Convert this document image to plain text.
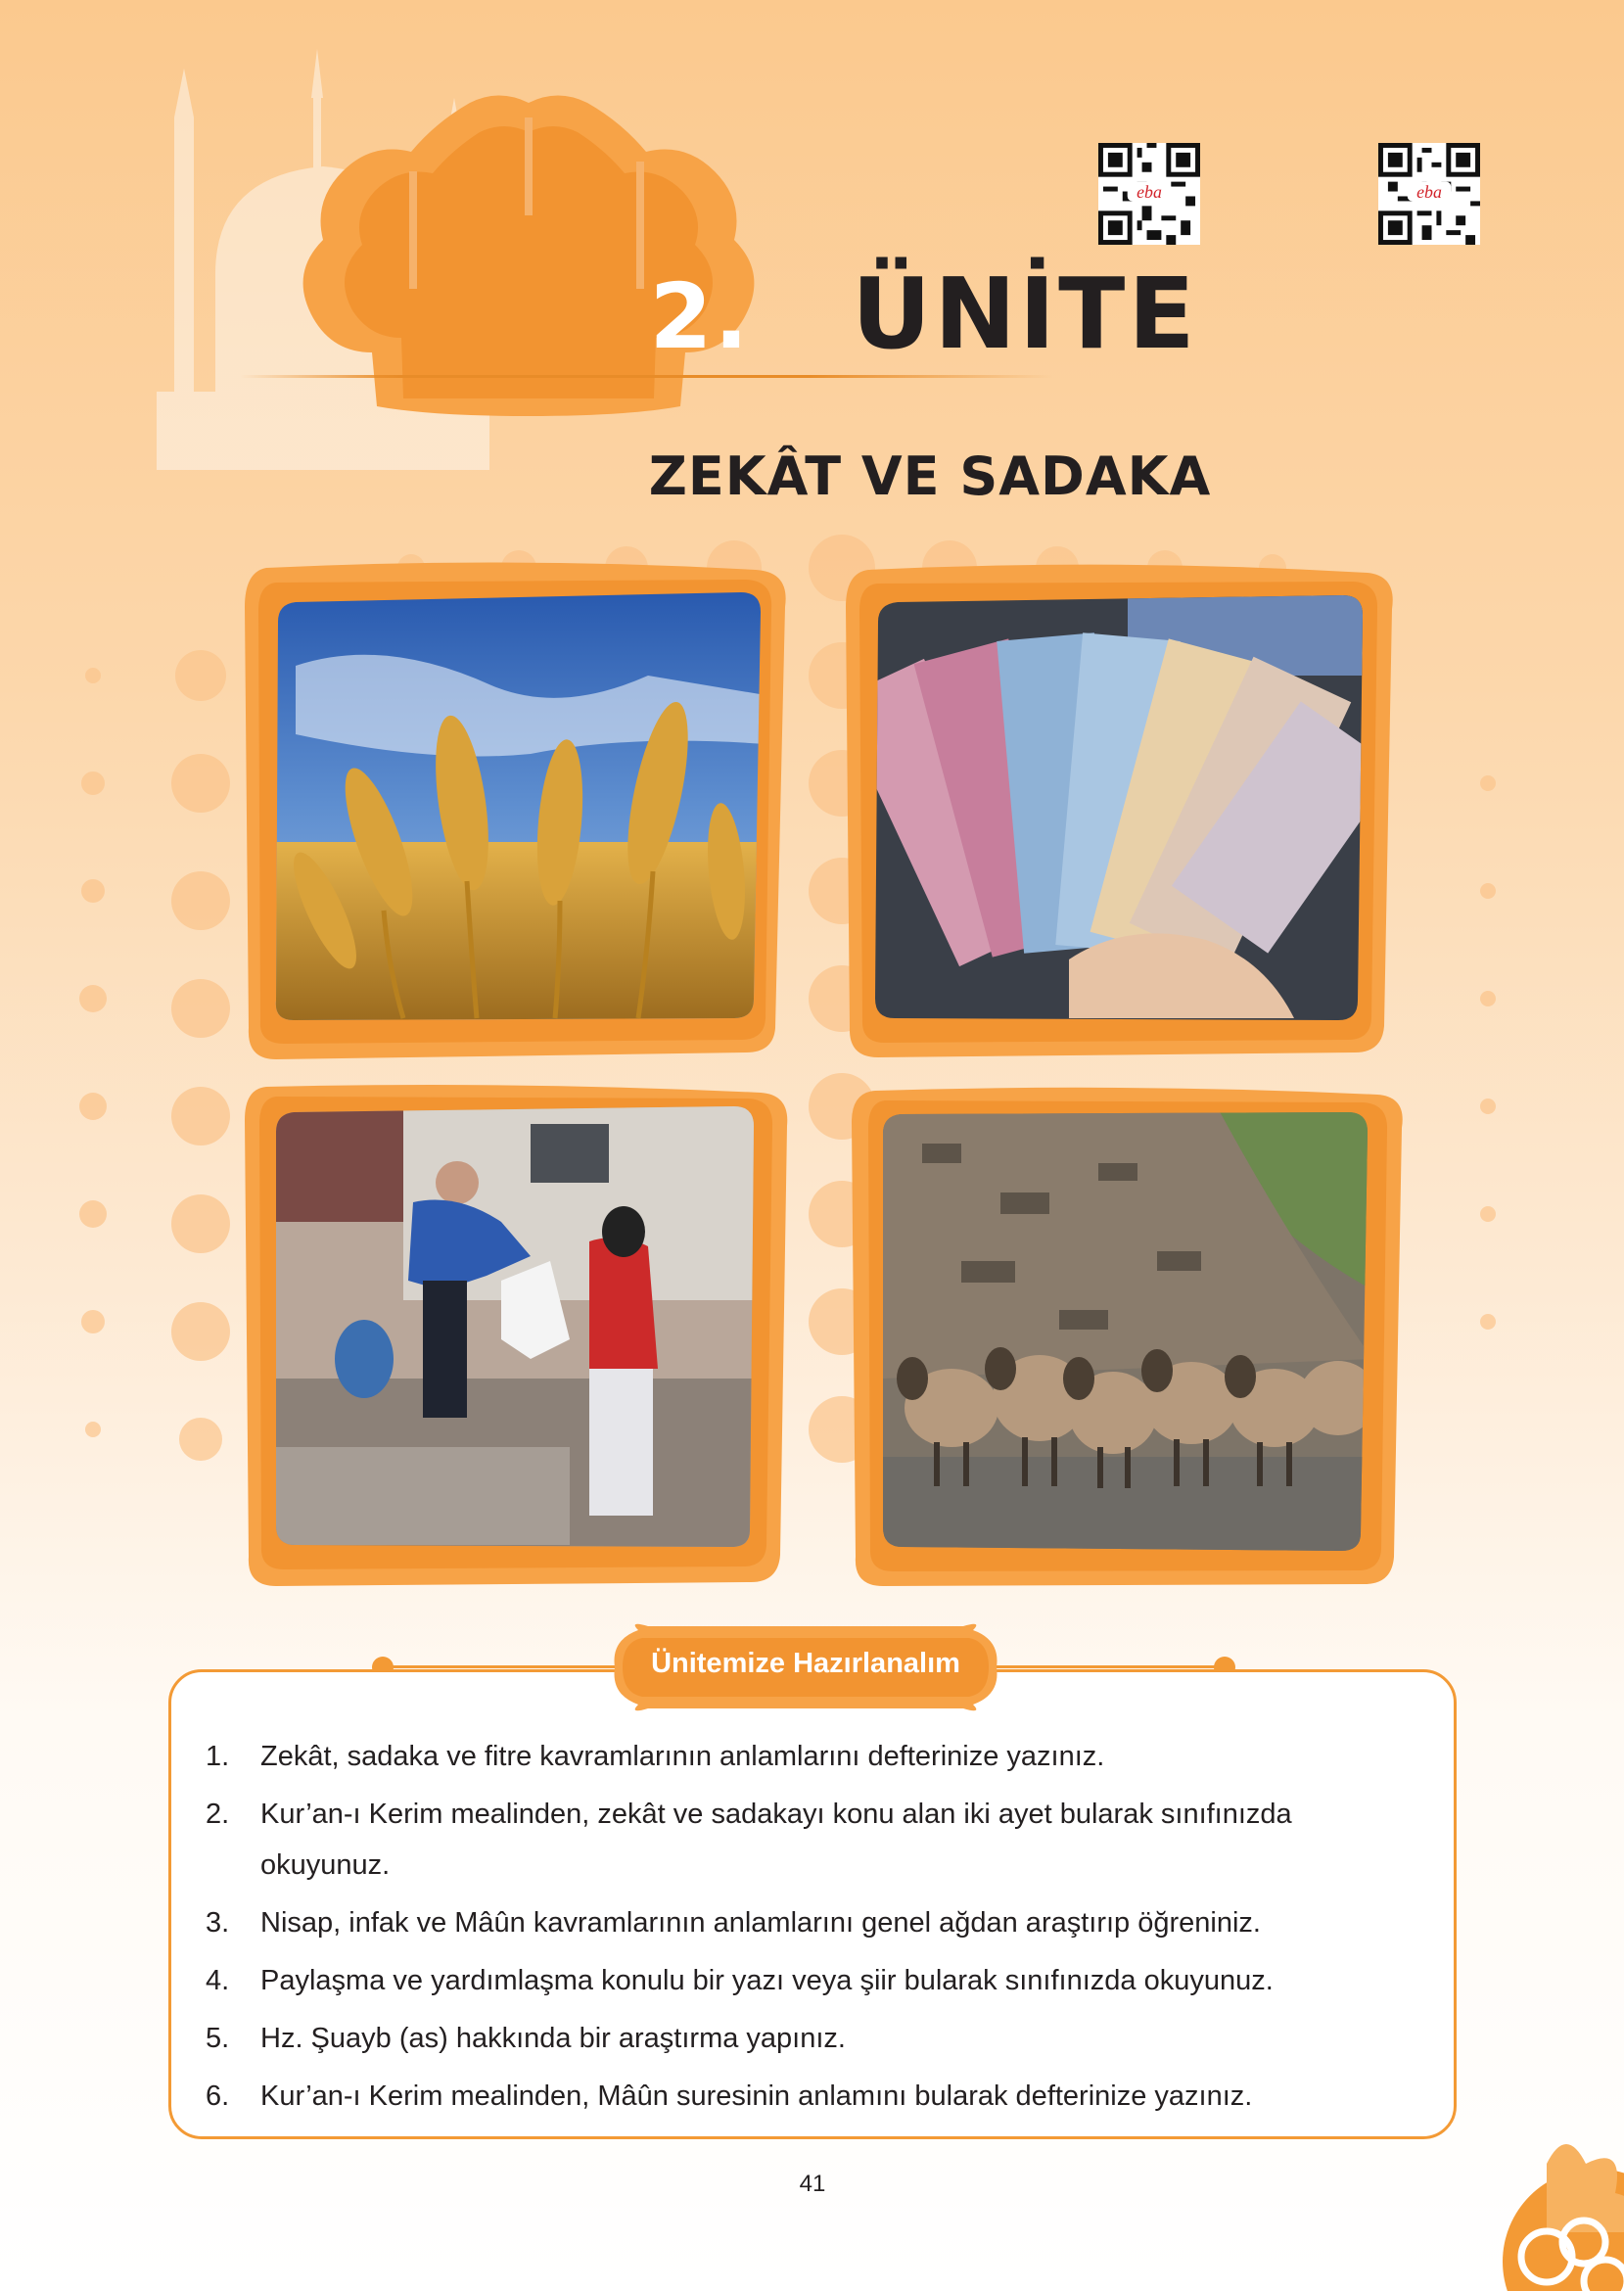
2. ÜNİTE
ZEKÂT VE SADAKA
eba	eba
Ünitemize Hazırlanalım
1.	Zekât, sadaka ve fitre kavramlarının anlamlarını defterinize yazınız.
2.	Kur’an-ı Kerim mealinden, zekât ve sadakayı konu alan iki ayet bularak sınıfınızda okuyunuz.
3.	Nisap, infak ve Mâûn kavramlarının anlamlarını genel ağdan araştırıp öğreniniz.
4.	Paylaşma ve yardımlaşma konulu bir yazı veya şiir bularak sınıfınızda okuyunuz.
5.	Hz. Şuayb (as) hakkında bir araştırma yapınız.
6.	Kur’an-ı Kerim mealinden, Mâûn suresinin anlamını bularak defterinize yazınız.
41
